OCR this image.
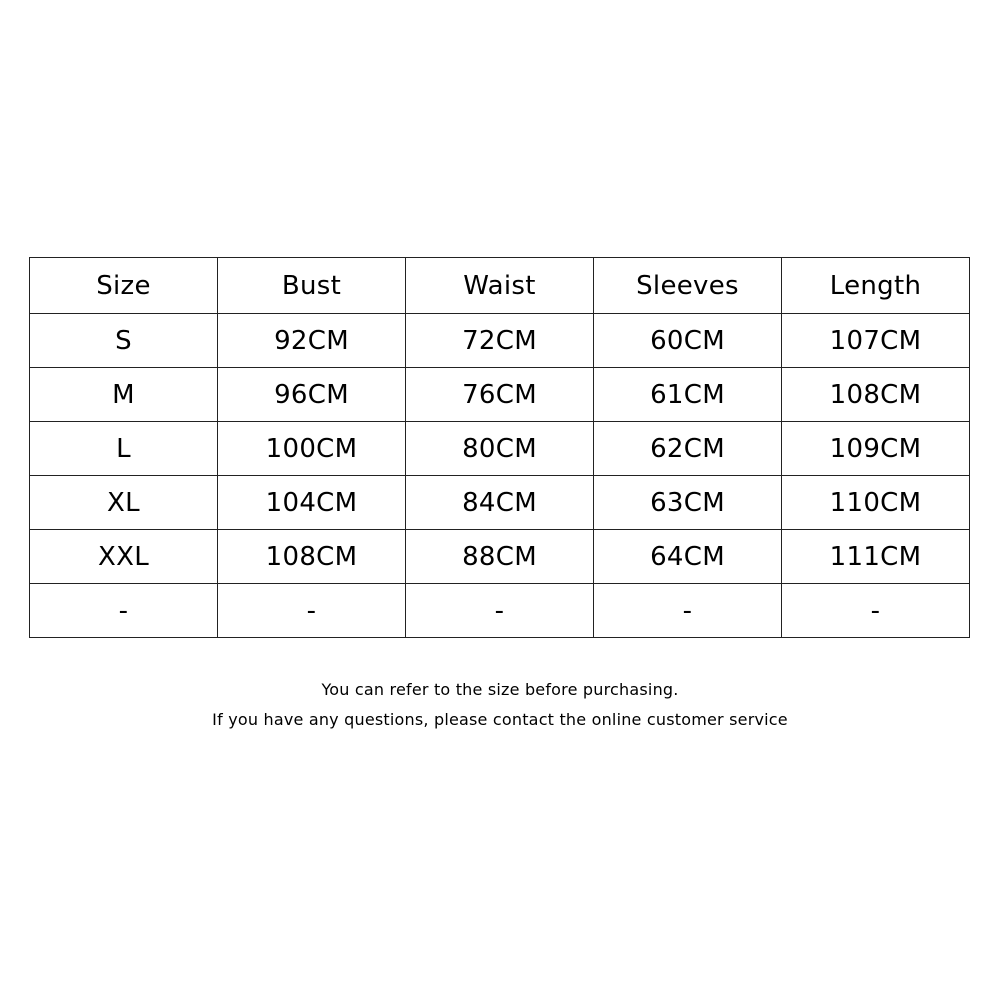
Size	Bust	Waist	Sleeves	Length
S	92CM	72CM	60CM	107CM
M	96CM	76CM	61CM	108CM
L	100CM	80CM	62CM	109CM
XL	104CM	84CM	63CM	110CM
XXL	108CM	88CM	64CM	111CM
-	-	-	-	-
You can refer to the size before purchasing.
If you have any questions, please contact the online customer service
